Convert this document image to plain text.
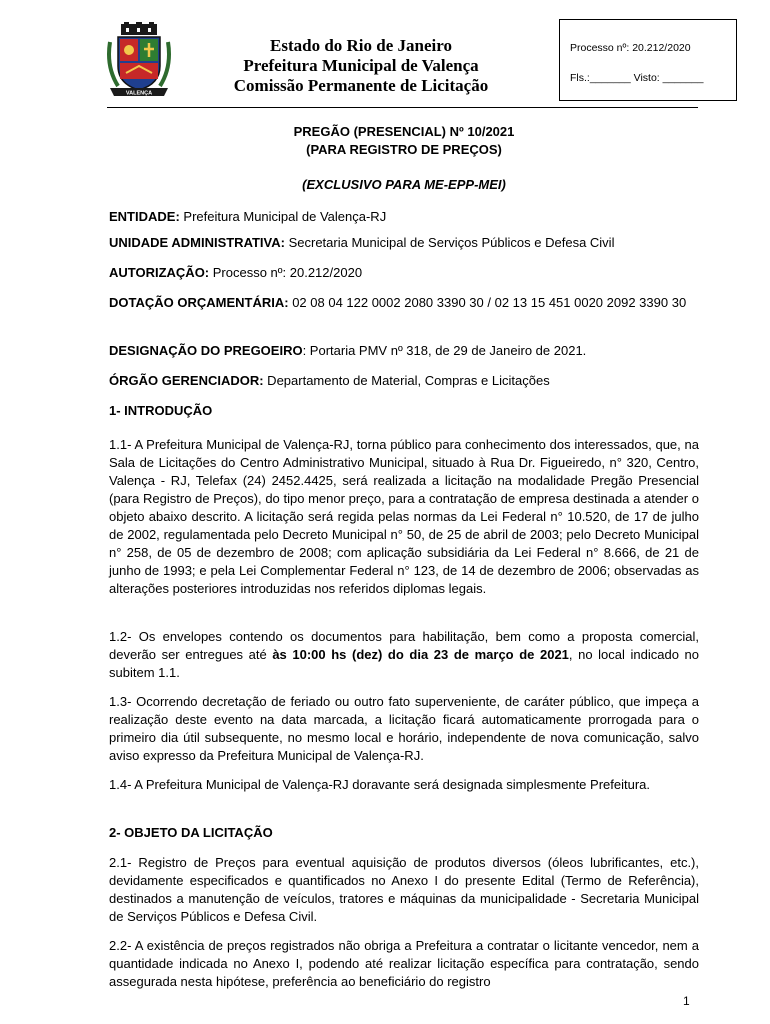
VALENÇA
Estado do Rio de Janeiro
Prefeitura Municipal de Valença
Comissão Permanente de Licitação
Processo nº: 20.212/2020
Fls.:_______ Visto: _______
PREGÃO (PRESENCIAL) Nº 10/2021
(PARA REGISTRO DE PREÇOS)
(EXCLUSIVO PARA ME-EPP-MEI)
ENTIDADE: Prefeitura Municipal de Valença-RJ
UNIDADE ADMINISTRATIVA: Secretaria Municipal de Serviços Públicos e Defesa Civil
AUTORIZAÇÃO: Processo nº: 20.212/2020
DOTAÇÃO ORÇAMENTÁRIA: 02 08 04 122 0002 2080 3390 30 / 02 13 15 451 0020 2092 3390 30
DESIGNAÇÃO DO PREGOEIRO: Portaria PMV nº 318, de 29 de Janeiro de 2021.
ÓRGÃO GERENCIADOR: Departamento de Material, Compras e Licitações
1- INTRODUÇÃO
1.1- A Prefeitura Municipal de Valença-RJ, torna público para conhecimento dos interessados, que, na Sala de Licitações do Centro Administrativo Municipal, situado à Rua Dr. Figueiredo, n° 320, Centro, Valença - RJ, Telefax (24) 2452.4425, será realizada a licitação na modalidade Pregão Presencial (para Registro de Preços), do tipo menor preço, para a contratação de empresa destinada a atender o objeto abaixo descrito. A licitação será regida pelas normas da Lei Federal n° 10.520, de 17 de julho de 2002, regulamentada pelo Decreto Municipal n° 50, de 25 de abril de 2003; pelo Decreto Municipal n° 258, de 05 de dezembro de 2008; com aplicação subsidiária da Lei Federal n° 8.666, de 21 de junho de 1993; e pela Lei Complementar Federal n° 123, de 14 de dezembro de 2006; observadas as alterações posteriores introduzidas nos referidos diplomas legais.
1.2- Os envelopes contendo os documentos para habilitação, bem como a proposta comercial, deverão ser entregues até às 10:00 hs (dez) do dia 23 de março de 2021, no local indicado no subitem 1.1.
1.3- Ocorrendo decretação de feriado ou outro fato superveniente, de caráter público, que impeça a realização deste evento na data marcada, a licitação ficará automaticamente prorrogada para o primeiro dia útil subsequente, no mesmo local e horário, independente de nova comunicação, salvo aviso expresso da Prefeitura Municipal de Valença-RJ.
1.4- A Prefeitura Municipal de Valença-RJ doravante será designada simplesmente Prefeitura.
2- OBJETO DA LICITAÇÃO
2.1- Registro de Preços para eventual aquisição de produtos diversos (óleos lubrificantes, etc.), devidamente especificados e quantificados no Anexo I do presente Edital (Termo de Referência), destinados a manutenção de veículos, tratores e máquinas da municipalidade - Secretaria Municipal de Serviços Públicos e Defesa Civil.
2.2- A existência de preços registrados não obriga a Prefeitura a contratar o licitante vencedor, nem a quantidade indicada no Anexo I, podendo até realizar licitação específica para contratação, sendo assegurada nesta hipótese, preferência ao beneficiário do registro
1
